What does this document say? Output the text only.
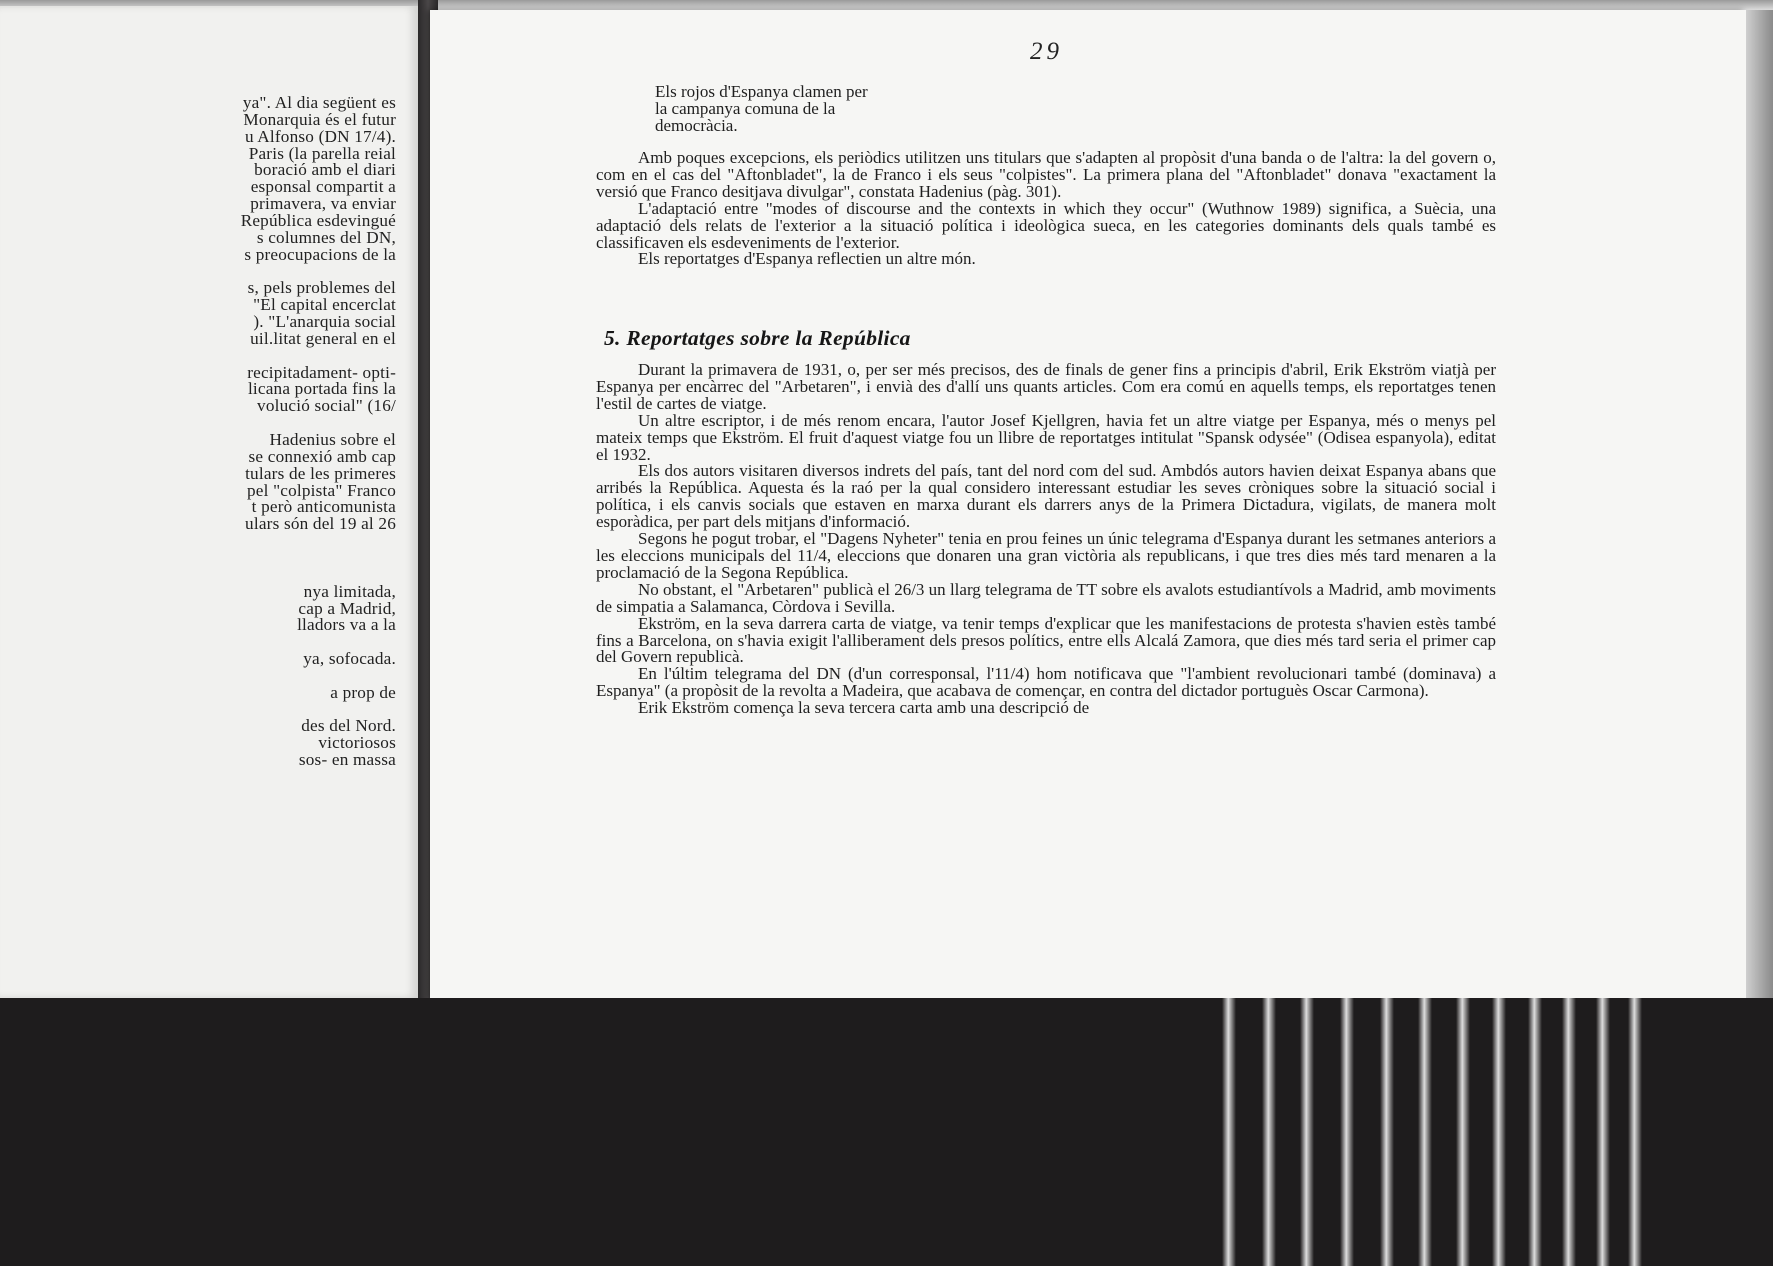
ya". Al dia següent es
Monarquia és el futur
u Alfonso (DN 17/4).
Paris (la parella reial
boració amb el diari
esponsal compartit a
primavera, va enviar
República esdevingué
s columnes del DN,
s preocupacions de la
s, pels problemes del
"El capital encerclat
). "L'anarquia social
uil.litat general en el
recipitadament- opti-
licana portada fins la
volució social" (16/
Hadenius sobre el
se connexió amb cap
tulars de les primeres
pel "colpista" Franco
t però anticomunista
ulars són del 19 al 26
nya limitada,
cap a Madrid,
lladors va a la
ya, sofocada.
a prop de
des del Nord.
victoriosos
sos- en massa
29
Els rojos d'Espanya clamen per
la campanya comuna de la
democràcia.

Amb poques excepcions, els periòdics utilitzen uns titulars que s'adapten al propòsit d'una banda o de l'altra: la del govern o, com en el cas del "Aftonbladet", la de Franco i els seus "colpistes". La primera plana del "Aftonbladet" donava "exactament la versió que Franco desitjava divulgar", constata Hadenius (pàg. 301).

L'adaptació entre "modes of discourse and the contexts in which they occur" (Wuthnow 1989) significa, a Suècia, una adaptació dels relats de l'exterior a la situació política i ideològica sueca, en les categories dominants dels quals també es classificaven els esdeveniments de l'exterior.

Els reportatges d'Espanya reflectien un altre món.

5. Reportatges sobre la República

Durant la primavera de 1931, o, per ser més precisos, des de finals de gener fins a principis d'abril, Erik Ekström viatjà per Espanya per encàrrec del "Arbetaren", i envià des d'allí uns quants articles. Com era comú en aquells temps, els reportatges tenen l'estil de cartes de viatge.

Un altre escriptor, i de més renom encara, l'autor Josef Kjellgren, havia fet un altre viatge per Espanya, més o menys pel mateix temps que Ekström. El fruit d'aquest viatge fou un llibre de reportatges intitulat "Spansk odysée" (Odisea espanyola), editat el 1932.

Els dos autors visitaren diversos indrets del país, tant del nord com del sud. Ambdós autors havien deixat Espanya abans que arribés la República. Aquesta és la raó per la qual considero interessant estudiar les seves cròniques sobre la situació social i política, i els canvis socials que estaven en marxa durant els darrers anys de la Primera Dictadura, vigilats, de manera molt esporàdica, per part dels mitjans d'informació.

Segons he pogut trobar, el "Dagens Nyheter" tenia en prou feines un únic telegrama d'Espanya durant les setmanes anteriors a les eleccions municipals del 11/4, eleccions que donaren una gran victòria als republicans, i que tres dies més tard menaren a la proclamació de la Segona República.

No obstant, el "Arbetaren" publicà el 26/3 un llarg telegrama de TT sobre els avalots estudiantívols a Madrid, amb moviments de simpatia a Salamanca, Còrdova i Sevilla.

Ekström, en la seva darrera carta de viatge, va tenir temps d'explicar que les manifestacions de protesta s'havien estès també fins a Barcelona, on s'havia exigit l'alliberament dels presos polítics, entre ells Alcalá Zamora, que dies més tard seria el primer cap del Govern republicà.

En l'últim telegrama del DN (d'un corresponsal, l'11/4) hom notificava que "l'ambient revolucionari també (dominava) a Espanya" (a propòsit de la revolta a Madeira, que acabava de començar, en contra del dictador portuguès Oscar Carmona).

Erik Ekström comença la seva tercera carta amb una descripció de
